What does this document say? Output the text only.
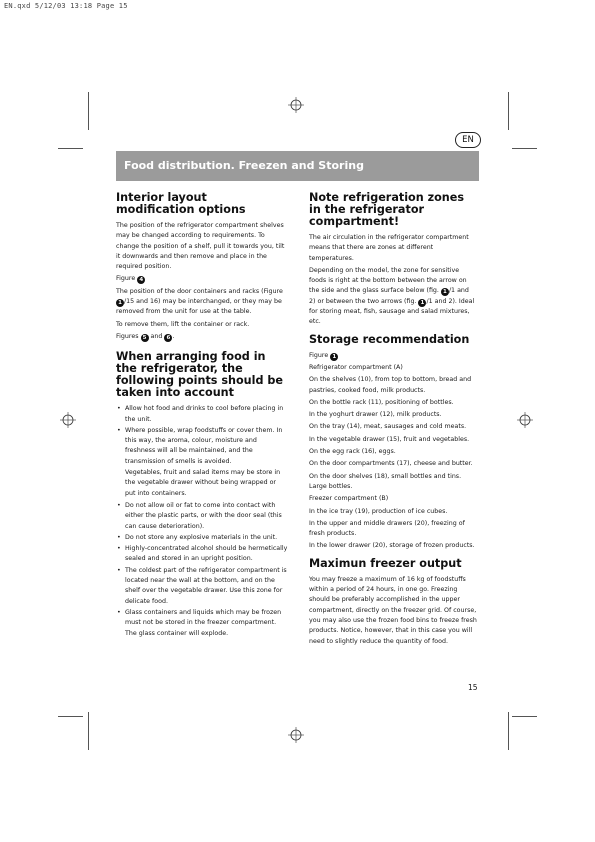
EN.qxd 5/12/03 13:18 Page 15
EN
Food distribution. Freezen and Storing
Interior layout modification options

The position of the refrigerator compartment shelves may be changed according to requirements. To change the position of a shelf, pull it towards you, tilt it downwards and then remove and place in the required position.

Figure 4

The position of the door containers and racks (Figure 1 /15 and 16) may be interchanged, or they may be removed from the unit for use at the table.

To remove them, lift the container or rack.

Figures 5 and 6 .

When arranging food in the refrigerator, the following points should be taken into account
• Allow hot food and drinks to cool before placing in the unit.
• Where possible, wrap foodstuffs or cover them. In this way, the aroma, colour, moisture and freshness will all be maintained, and the transmission of smells is avoided.

Vegetables, fruit and salad items may be store in the vegetable drawer without being wrapped or put into containers.

• Do not allow oil or fat to come into contact with either the plastic parts, or with the door seal (this can cause deterioration).
• Do not store any explosive materials in the unit.
• Highly-concentrated alcohol should be hermetically sealed and stored in an upright position.
• The coldest part of the refrigerator compartment is located near the wall at the bottom, and on the shelf over the vegetable drawer. Use this zone for delicate food.
• Glass containers and liquids which may be frozen must not be stored in the freezer compartment. The glass container will explode.
Note refrigeration zones in the refrigerator compartment!

The air circulation in the refrigerator compartment means that there are zones at different temperatures.

Depending on the model, the zone for sensitive foods is right at the bottom between the arrow on the side and the glass surface below (fig. 1 /1 and 2) or between the two arrows (fig. 1 /1 and 2). Ideal for storing meat, fish, sausage and salad mixtures, etc.

Storage recommendation

Figure 1

Refrigerator compartment (A)

On the shelves (10), from top to bottom, bread and pastries, cooked food, milk products.

On the bottle rack (11), positioning of bottles.

In the yoghurt drawer (12), milk products.

On the tray (14), meat, sausages and cold meats.

In the vegetable drawer (15), fruit and vegetables.

On the egg rack (16), eggs.

On the door compartments (17), cheese and butter.

On the door shelves (18), small bottles and tins. Large bottles.

Freezer compartment (B)

In the ice tray (19), production of ice cubes.

In the upper and middle drawers (20), freezing of fresh products.

In the lower drawer (20), storage of frozen products.

Maximun freezer output

You may freeze a maximum of 16 kg of foodstuffs within a period of 24 hours, in one go. Freezing should be preferably accomplished in the upper compartment, directly on the freezer grid. Of course, you may also use the frozen food bins to freeze fresh products. Notice, however, that in this case you will need to slightly reduce the quantity of food.

15
